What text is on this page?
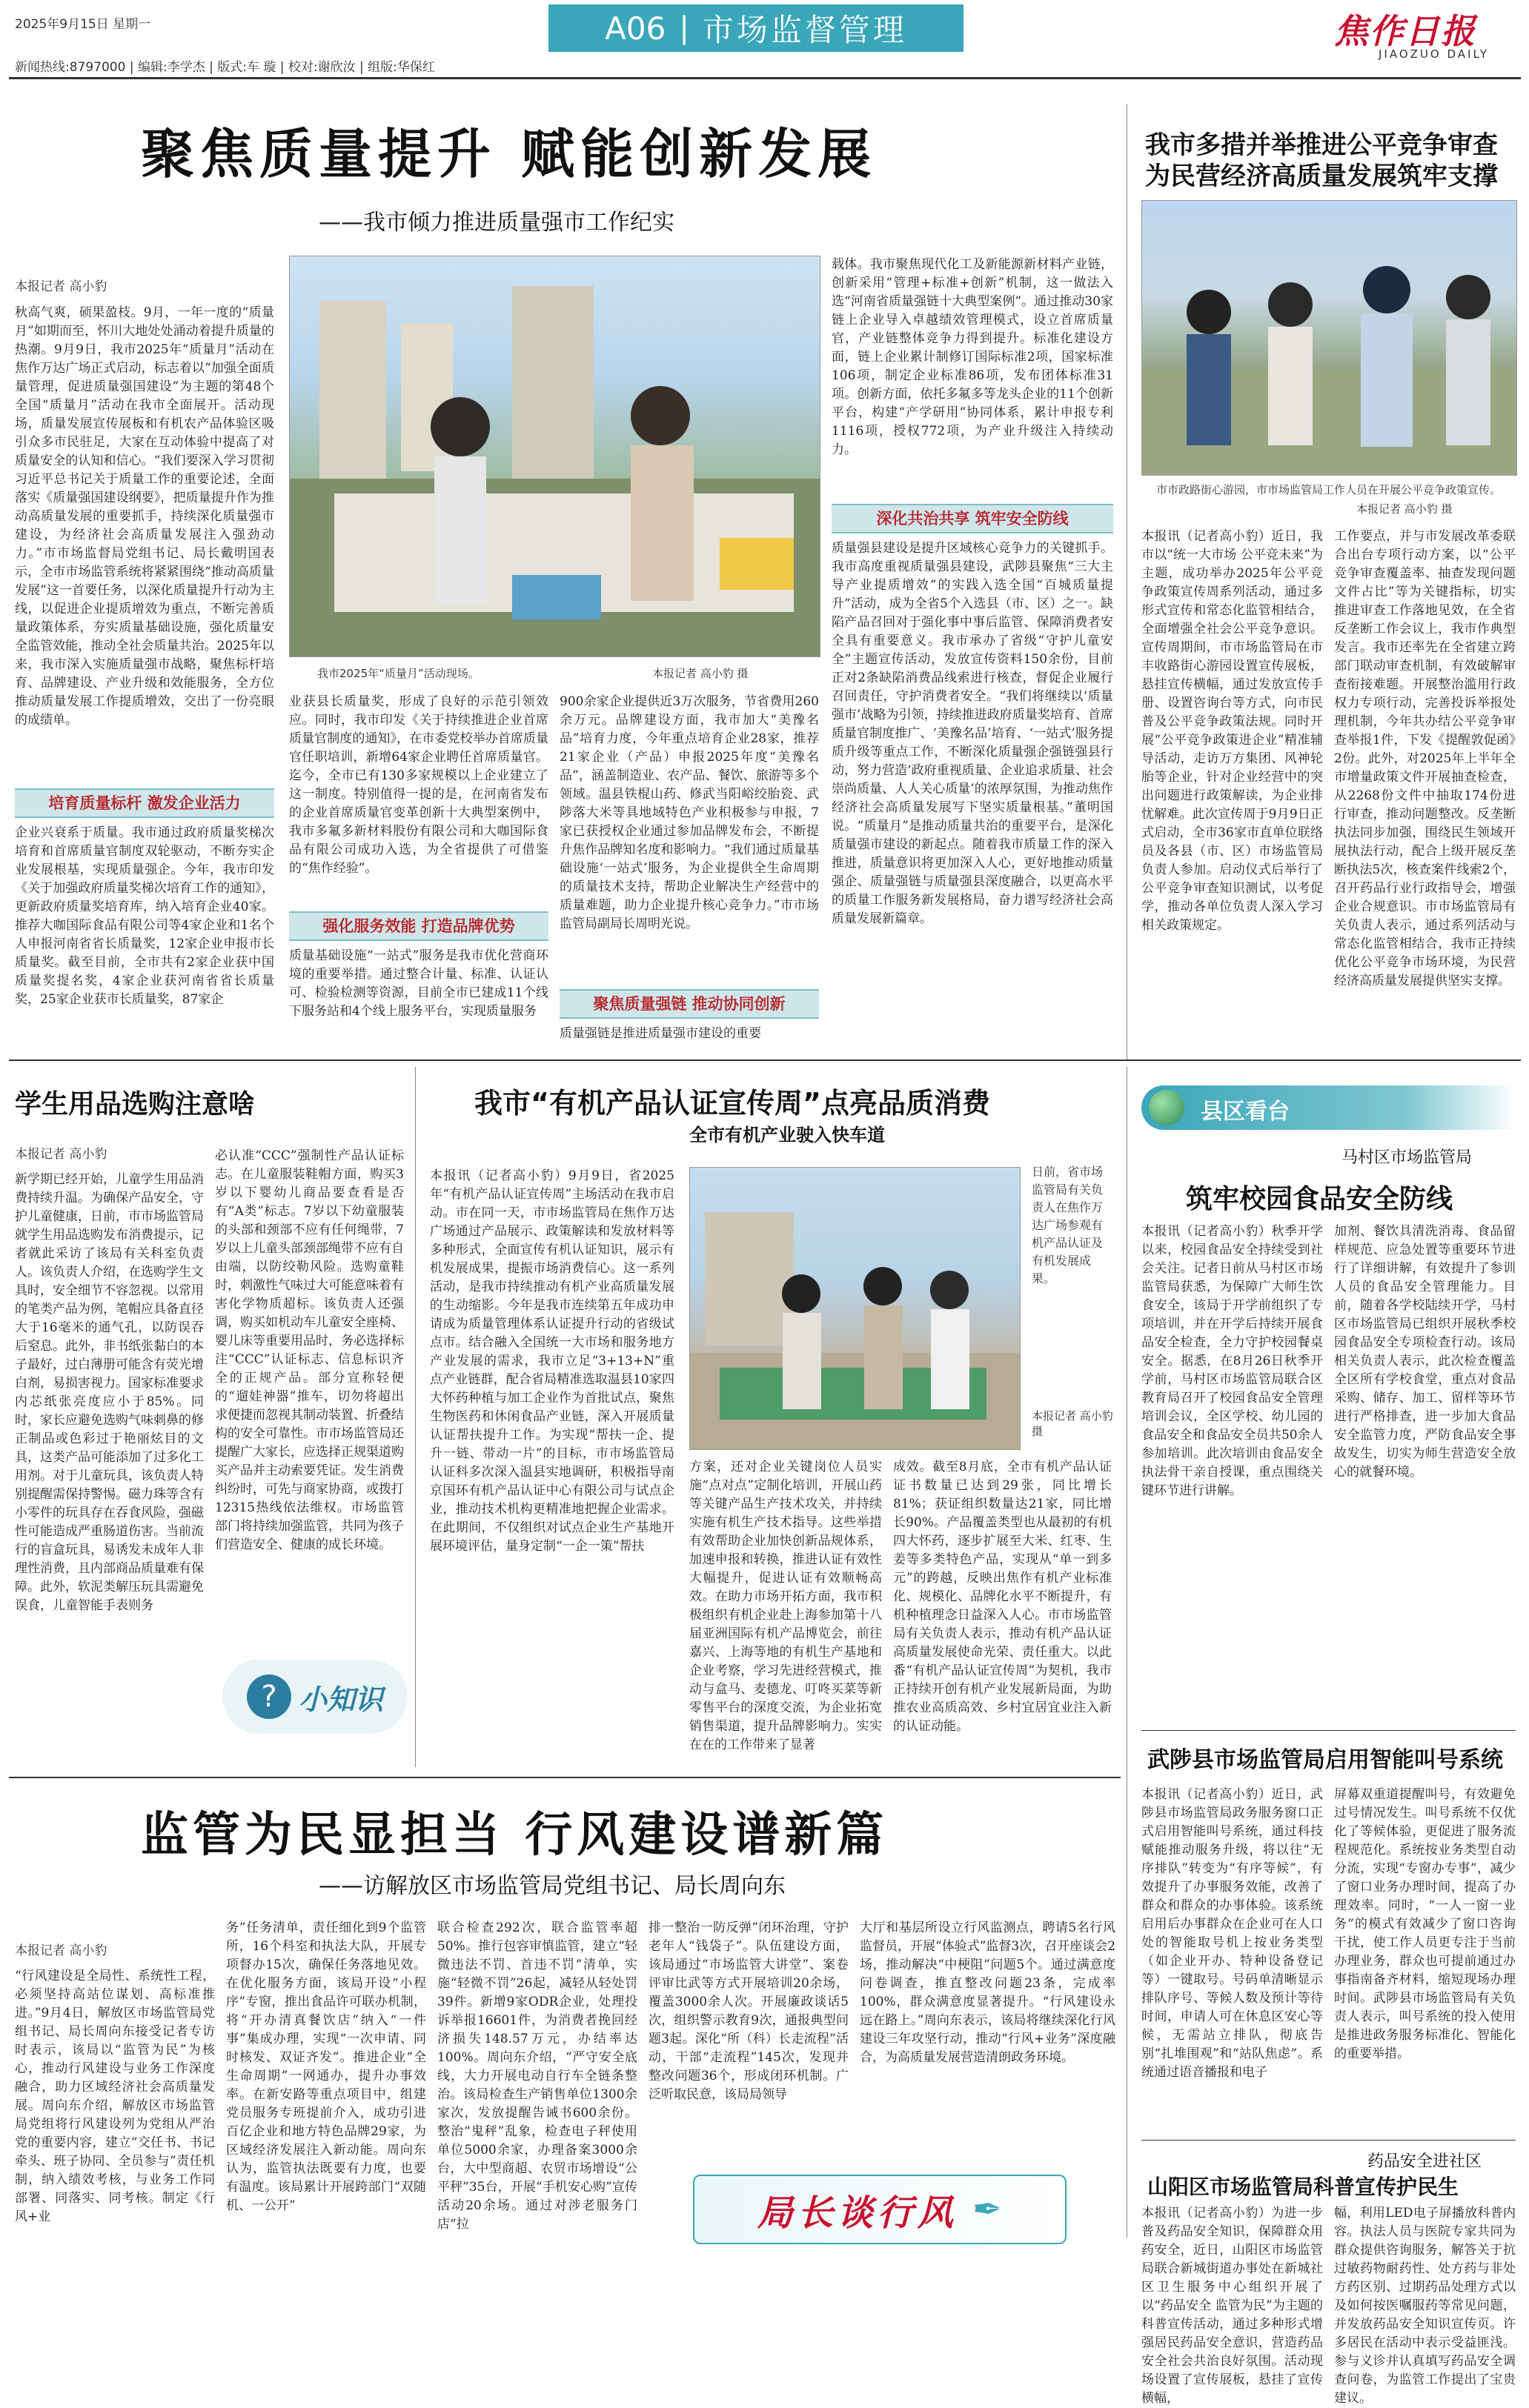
2025年9月15日 星期一	A06 | 市场监督管理	焦作日报
JIAOZUO DAILY
新闻热线:8797000 | 编辑:李学杰 | 版式:车 璇 | 校对:谢欣汝 | 组版:华保红
聚焦质量提升 赋能创新发展
——我市倾力推进质量强市工作纪实
本报记者 高小豹
秋高气爽，硕果盈枝。9月，一年一度的“质量月”如期而至，怀川大地处处涌动着提升质量的热潮。9月9日，我市2025年“质量月”活动在焦作万达广场正式启动，标志着以“加强全面质量管理，促进质量强国建设”为主题的第48个全国“质量月”活动在我市全面展开。活动现场，质量发展宣传展板和有机农产品体验区吸引众多市民驻足，大家在互动体验中提高了对质量安全的认知和信心。“我们要深入学习贯彻习近平总书记关于质量工作的重要论述，全面落实《质量强国建设纲要》，把质量提升作为推动高质量发展的重要抓手，持续深化质量强市建设，为经济社会高质量发展注入强劲动力。”市市场监督局党组书记、局长戴明国表示，全市市场监管系统将紧紧围绕“推动高质量发展”这一首要任务，以深化质量提升行动为主线，以促进企业提质增效为重点，不断完善质量政策体系，夯实质量基础设施，强化质量安全监管效能，推动全社会质量共治。2025年以来，我市深入实施质量强市战略，聚焦标杆培育、品牌建设、产业升级和效能服务，全方位推动质量发展工作提质增效，交出了一份亮眼的成绩单。
培育质量标杆 激发企业活力
企业兴衰系于质量。我市通过政府质量奖梯次培育和首席质量官制度双轮驱动，不断夯实企业发展根基，实现质量强企。今年，我市印发《关于加强政府质量奖梯次培育工作的通知》，更新政府质量奖培育库，纳入培育企业40家。推荐大咖国际食品有限公司等4家企业和1名个人申报河南省省长质量奖，12家企业申报市长质量奖。截至目前，全市共有2家企业获中国质量奖提名奖，4家企业获河南省省长质量奖，25家企业获市长质量奖，87家企
我市2025年“质量月”活动现场。	本报记者 高小豹 摄
业获县长质量奖，形成了良好的示范引领效应。同时，我市印发《关于持续推进企业首席质量官制度的通知》，在市委党校举办首席质量官任职培训，新增64家企业聘任首席质量官。迄今，全市已有130多家规模以上企业建立了这一制度。特别值得一提的是，在河南省发布的企业首席质量官变革创新十大典型案例中，我市多氟多新材料股份有限公司和大咖国际食品有限公司成功入选，为全省提供了可借鉴的“焦作经验”。
强化服务效能 打造品牌优势
质量基础设施“一站式”服务是我市优化营商环境的重要举措。通过整合计量、标准、认证认可、检验检测等资源，目前全市已建成11个线下服务站和4个线上服务平台，实现质量服务
900余家企业提供近3万次服务，节省费用260余万元。品牌建设方面，我市加大“美豫名品”培育力度，今年重点培育企业28家，推荐21家企业（产品）申报2025年度“美豫名品”，涵盖制造业、农产品、餐饮、旅游等多个领域。温县铁棍山药、修武当阳峪绞胎瓷、武陟落大米等具地域特色产业积极参与申报，7家已获授权企业通过参加品牌发布会，不断提升焦作品牌知名度和影响力。“我们通过质量基础设施‘一站式’服务，为企业提供全生命周期的质量技术支持，帮助企业解决生产经营中的质量难题，助力企业提升核心竞争力。”市市场监管局副局长周明光说。
聚焦质量强链 推动协同创新
质量强链是推进质量强市建设的重要
载体。我市聚焦现代化工及新能源新材料产业链，创新采用“管理+标准+创新”机制，这一做法入选“河南省质量强链十大典型案例”。通过推动30家链上企业导入卓越绩效管理模式，设立首席质量官，产业链整体竞争力得到提升。标准化建设方面，链上企业累计制修订国际标准2项，国家标准106项，制定企业标准86项，发布团体标准31项。创新方面，依托多氟多等龙头企业的11个创新平台，构建“产学研用”协同体系，累计申报专利1116项，授权772项，为产业升级注入持续动力。
深化共治共享 筑牢安全防线
质量强县建设是提升区域核心竞争力的关键抓手。我市高度重视质量强县建设，武陟县聚焦“三大主导产业提质增效”的实践入选全国“百城质量提升”活动，成为全省5个入选县（市、区）之一。缺陷产品召回对于强化事中事后监管、保障消费者安全具有重要意义。我市承办了省级“守护儿童安全”主题宣传活动，发放宣传资料150余份，目前正对2条缺陷消费品线索进行核查，督促企业履行召回责任，守护消费者安全。“我们将继续以‘质量强市’战略为引领，持续推进政府质量奖培育、首席质量官制度推广、‘美豫名品’培育、‘一站式’服务提质升级等重点工作，不断深化质量强企强链强县行动，努力营造‘政府重视质量、企业追求质量、社会崇尚质量、人人关心质量’的浓厚氛围，为推动焦作经济社会高质量发展写下坚实质量根基。”董明国说。“质量月”是推动质量共治的重要平台，是深化质量强市建设的新起点。随着我市质量工作的深入推进，质量意识将更加深入人心，更好地推动质量强企、质量强链与质量强县深度融合，以更高水平的质量工作服务新发展格局，奋力谱写经济社会高质量发展新篇章。
我市多措并举推进公平竞争审查
为民营经济高质量发展筑牢支撑
市市政路街心游园，市市场监管局工作人员在开展公平竞争政策宣传。
本报记者 高小豹 摄
本报讯（记者高小豹）近日，我市以“统一大市场 公平竞未来”为主题，成功举办2025年公平竞争政策宣传周系列活动，通过多形式宣传和常态化监管相结合，全面增强全社会公平竞争意识。宣传周期间，市市场监管局在市丰收路街心游园设置宣传展板，悬挂宣传横幅，通过发放宣传手册、设置咨询台等方式，向市民普及公平竞争政策法规。同时开展“公平竞争政策进企业”精准辅导活动，走访万方集团、风神轮胎等企业，针对企业经营中的突出问题进行政策解读，为企业排忧解难。此次宣传周于9月9日正式启动，全市36家市直单位联络员及各县（市、区）市场监管局负责人参加。启动仪式后举行了公平竞争审查知识测试，以考促学，推动各单位负责人深入学习相关政策规定。
工作要点，并与市发展改革委联合出台专项行动方案，以“公平竞争审查覆盖率、抽查发现问题文件占比”等为关键指标，切实推进审查工作落地见效，在全省反垄断工作会议上，我市作典型发言。我市还率先在全省建立跨部门联动审查机制，有效破解审查衔接难题。开展整治滥用行政权力专项行动，完善投诉举报处理机制，今年共办结公平竞争审查举报1件，下发《提醒敦促函》2份。此外，对2025年上半年全市增量政策文件开展抽查检查，从2268份文件中抽取174份进行审查，推动问题整改。反垄断执法同步加强，围绕民生领域开展执法行动，配合上级开展反垄断执法5次，核查案件线索2个，召开药品行业行政指导会，增强企业合规意识。市市场监管局有关负责人表示，通过系列活动与常态化监管相结合，我市正持续优化公平竞争市场环境，为民营经济高质量发展提供坚实支撑。
学生用品选购注意啥
本报记者 高小豹
新学期已经开始，儿童学生用品消费持续升温。为确保产品安全，守护儿童健康，日前，市市场监管局就学生用品选购发布消费提示，记者就此采访了该局有关科室负责人。该负责人介绍，在选购学生文具时，安全细节不容忽视。以常用的笔类产品为例，笔帽应具备直径大于16毫米的通气孔，以防误吞后窒息。此外，非书纸张黏白的本子最好，过白薄册可能含有荧光增白剂，易损害视力。国家标准要求内芯纸张亮度应小于85%。同时，家长应避免选购气味刺鼻的修正制品或色彩过于艳丽炫目的文具，这类产品可能添加了过多化工用剂。对于儿童玩具，该负责人特别提醒需保持警惕。磁力珠等含有小零件的玩具存在吞食风险，强磁性可能造成严重肠道伤害。当前流行的盲盒玩具，易诱发未成年人非理性消费，且内部商品质量难有保障。此外，软泥类解压玩具需避免误食，儿童智能手表则务
必认准“CCC”强制性产品认证标志。在儿童服装鞋帽方面，购买3岁以下婴幼儿商品要查看是否有“A类”标志。7岁以下幼童服装的头部和颈部不应有任何绳带，7岁以上儿童头部颈部绳带不应有自由端，以防绞勒风险。选购童鞋时，刺激性气味过大可能意味着有害化学物质超标。该负责人还强调，购买如机动车儿童安全座椅、婴儿床等重要用品时，务必选择标注“CCC”认证标志、信息标识齐全的正规产品。部分宣称轻便的“遛娃神器”推车，切勿将超出求便捷而忽视其制动装置、折叠结构的安全可靠性。市市场监管局还提醒广大家长，应选择正规渠道购买产品并主动索要凭证。发生消费纠纷时，可先与商家协商，或拨打12315热线依法维权。市场监管部门将持续加强监管，共同为孩子们营造安全、健康的成长环境。
? 小知识
我市“有机产品认证宣传周”点亮品质消费
全市有机产业驶入快车道
本报讯（记者高小豹）9月9日，省2025年“有机产品认证宣传周”主场活动在我市启动。市在同一天，市市场监管局在焦作万达广场通过产品展示、政策解读和发放材料等多种形式，全面宣传有机认证知识，展示有机发展成果，提振市场消费信心。这一系列活动，是我市持续推动有机产业高质量发展的生动缩影。今年是我市连续第五年成功申请成为质量管理体系认证提升行动的省级试点市。结合融入全国统一大市场和服务地方产业发展的需求，我市立足“3+13+N”重点产业链群，配合省局精准选取温县10家四大怀药种植与加工企业作为首批试点，聚焦生物医药和休闲食品产业链，深入开展质量认证帮扶提升工作。为实现“帮扶一企、提升一链、带动一片”的目标，市市场监管局认证科多次深入温县实地调研，积极指导南京国环有机产品认证中心有限公司与试点企业，推动技术机构更精准地把握企业需求。在此期间，不仅组织对试点企业生产基地开展环境评估，量身定制“一企一策”帮扶
日前，省市场监管局有关负责人在焦作万达广场参观有机产品认证及有机发展成果。
本报记者 高小豹 摄
方案，还对企业关键岗位人员实施“点对点”定制化培训，开展山药等关键产品生产技术攻关，并持续实施有机生产技术指导。这些举措有效帮助企业加快创新品规体系，加速申报和转换，推进认证有效性大幅提升，促进认证有效顺畅高效。在助力市场开拓方面，我市积极组织有机企业赴上海参加第十八届亚洲国际有机产品博览会，前往嘉兴、上海等地的有机生产基地和企业考察，学习先进经营模式，推动与盒马、麦德龙、叮咚买菜等新零售平台的深度交流，为企业拓宽销售渠道，提升品牌影响力。实实在在的工作带来了显著
成效。截至8月底，全市有机产品认证证书数量已达到29张，同比增长81%；获证组织数量达21家，同比增长90%。产品覆盖类型也从最初的有机四大怀药，逐步扩展至大米、红枣、生姜等多类特色产品，实现从“单一到多元”的跨越，反映出焦作有机产业标准化、规模化、品牌化水平不断提升，有机种植理念日益深入人心。市市场监管局有关负责人表示，推动有机产品认证高质量发展使命光荣、责任重大。以此番“有机产品认证宣传周”为契机，我市正持续开创有机产业发展新局面，为助推农业高质高效、乡村宜居宜业注入新的认证动能。
县区看台
马村区市场监管局
筑牢校园食品安全防线
本报讯（记者高小豹）秋季开学以来，校园食品安全持续受到社会关注。记者日前从马村区市场监管局获悉，为保障广大师生饮食安全，该局于开学前组织了专项培训，并在开学后持续开展食品安全检查，全力守护校园餐桌安全。据悉，在8月26日秋季开学前，马村区市场监管局联合区教育局召开了校园食品安全管理培训会议，全区学校、幼儿园的食品安全和食品安全员共50余人参加培训。此次培训由食品安全执法骨干亲自授课，重点围绕关键环节进行讲解。
加剂、餐饮具清洗消毒、食品留样规范、应急处置等重要环节进行了详细讲解，有效提升了参训人员的食品安全管理能力。目前，随着各学校陆续开学，马村区市场监管局已组织开展秋季校园食品安全专项检查行动。该局相关负责人表示，此次检查覆盖全区所有学校食堂，重点对食品采购、储存、加工、留样等环节进行严格排查，进一步加大食品安全监管力度，严防食品安全事故发生，切实为师生营造安全放心的就餐环境。
武陟县市场监管局启用智能叫号系统
本报讯（记者高小豹）近日，武陟县市场监管局政务服务窗口正式启用智能叫号系统，通过科技赋能推动服务升级，将以往“无序排队”转变为“有序等候”，有效提升了办事服务效能，改善了群众和群众的办事体验。该系统启用后办事群众在企业可在人口处的智能取号机上按业务类型（如企业开办、特种设备登记等）一键取号。号码单清晰显示排队序号、等候人数及预计等待时间，申请人可在休息区安心等候，无需站立排队，彻底告别“扎堆围观”和“站队焦虑”。系统通过语音播报和电子
屏幕双重道提醒叫号，有效避免过号情况发生。叫号系统不仅优化了等候体验，更促进了服务流程规范化。系统按业务类型自动分流，实现“专窗办专事”，减少了窗口业务办理时间，提高了办理效率。同时，“一人一窗一业务”的模式有效减少了窗口咨询干扰，使工作人员更专注于当前办理业务，群众也可提前通过办事指南备齐材料，缩短现场办理时间。武陟县市场监管局有关负责人表示，叫号系统的投入使用是推进政务服务标准化、智能化的重要举措。
监管为民显担当 行风建设谱新篇
——访解放区市场监管局党组书记、局长周向东
本报记者 高小豹
“行风建设是全局性、系统性工程，必须坚持高站位谋划、高标准推进。”9月4日，解放区市场监管局党组书记、局长周向东接受记者专访时表示，该局以“监管为民”为核心，推动行风建设与业务工作深度融合，助力区域经济社会高质量发展。周向东介绍，解放区市场监管局党组将行风建设列为党组从严治党的重要内容，建立“交任书、书记牵头、班子协同、全员参与”责任机制，纳入绩效考核，与业务工作同部署、同落实、同考核。制定《行风+业
务”任务清单，责任细化到9个监管所，16个科室和执法大队，开展专项督办15次，确保任务落地见效。在优化服务方面，该局开设“小程序”专窗，推出食品许可联办机制，将“开办清真餐饮店”纳入“一件事”集成办理，实现“一次申请、同时核发、双证齐发”。推进企业“全生命周期”一网通办，提升办事效率。在新安路等重点项目中，组建党员服务专班提前介入，成功引进百亿企业和地方特色品牌29家，为区域经济发展注入新动能。周向东认为，监管执法既要有力度，也要有温度。该局累计开展跨部门“双随机、一公开”
联合检查292次，联合监管率超50%。推行包容审慎监管，建立“轻微违法不罚、首违不罚”清单，实施“轻微不罚”26起，减轻从轻处罚39件。新增9家ODR企业，处理投诉举报16601件，为消费者挽回经济损失148.57万元，办结率达100%。周向东介绍，“严守安全底线，大力开展电动自行车全链条整治。该局检查生产销售单位1300余家次，发放提醒告诫书600余份。整治“鬼秤”乱象，检查电子秤使用单位5000余家，办理备案3000余台，大中型商超、农贸市场增设“公平秤”35台，开展“手机安心购”宣传活动20余场。通过对涉老服务门店“拉
排一整治一防反弹”闭环治理，守护老年人“钱袋子”。队伍建设方面，该局通过“市场监管大讲堂”、案卷评审比武等方式开展培训20余场，覆盖3000余人次。开展廉政谈话5次，组织警示教育9次，通报典型问题3起。深化“所（科）长走流程”活动，干部“走流程”145次，发现并整改问题36个，形成闭环机制。广泛听取民意，该局局领导
大厅和基层所设立行风监测点，聘请5名行风监督员，开展“体验式”监督3次，召开座谈会2场，推动解决“中梗阻”问题5个。通过满意度问卷调查，推直整改问题23条，完成率100%，群众满意度显著提升。“行风建设永远在路上。”周向东表示，该局将继续深化行风建设三年攻坚行动，推动“行风+业务”深度融合，为高质量发展营造清朗政务环境。
局长谈行风 ✒
药品安全进社区
山阳区市场监管局科普宣传护民生
本报讯（记者高小豹）为进一步普及药品安全知识，保障群众用药安全，近日，山阳区市场监管局联合新城街道办事处在新城社区卫生服务中心组织开展了以“药品安全 监管为民”为主题的科普宣传活动，通过多种形式增强居民药品安全意识，营造药品安全社会共治良好氛围。活动现场设置了宣传展板，悬挂了宣传横幅，
幅，利用LED电子屏播放科普内容。执法人员与医院专家共同为群众提供咨询服务，解答关于抗过敏药物耐药性、处方药与非处方药区别、过期药品处理方式以及如何按医嘱服药等常见问题，并发放药品安全知识宣传页。许多居民在活动中表示受益匪浅。参与义诊并认真填写药品安全调查问卷，为监管工作提出了宝贵建议。
